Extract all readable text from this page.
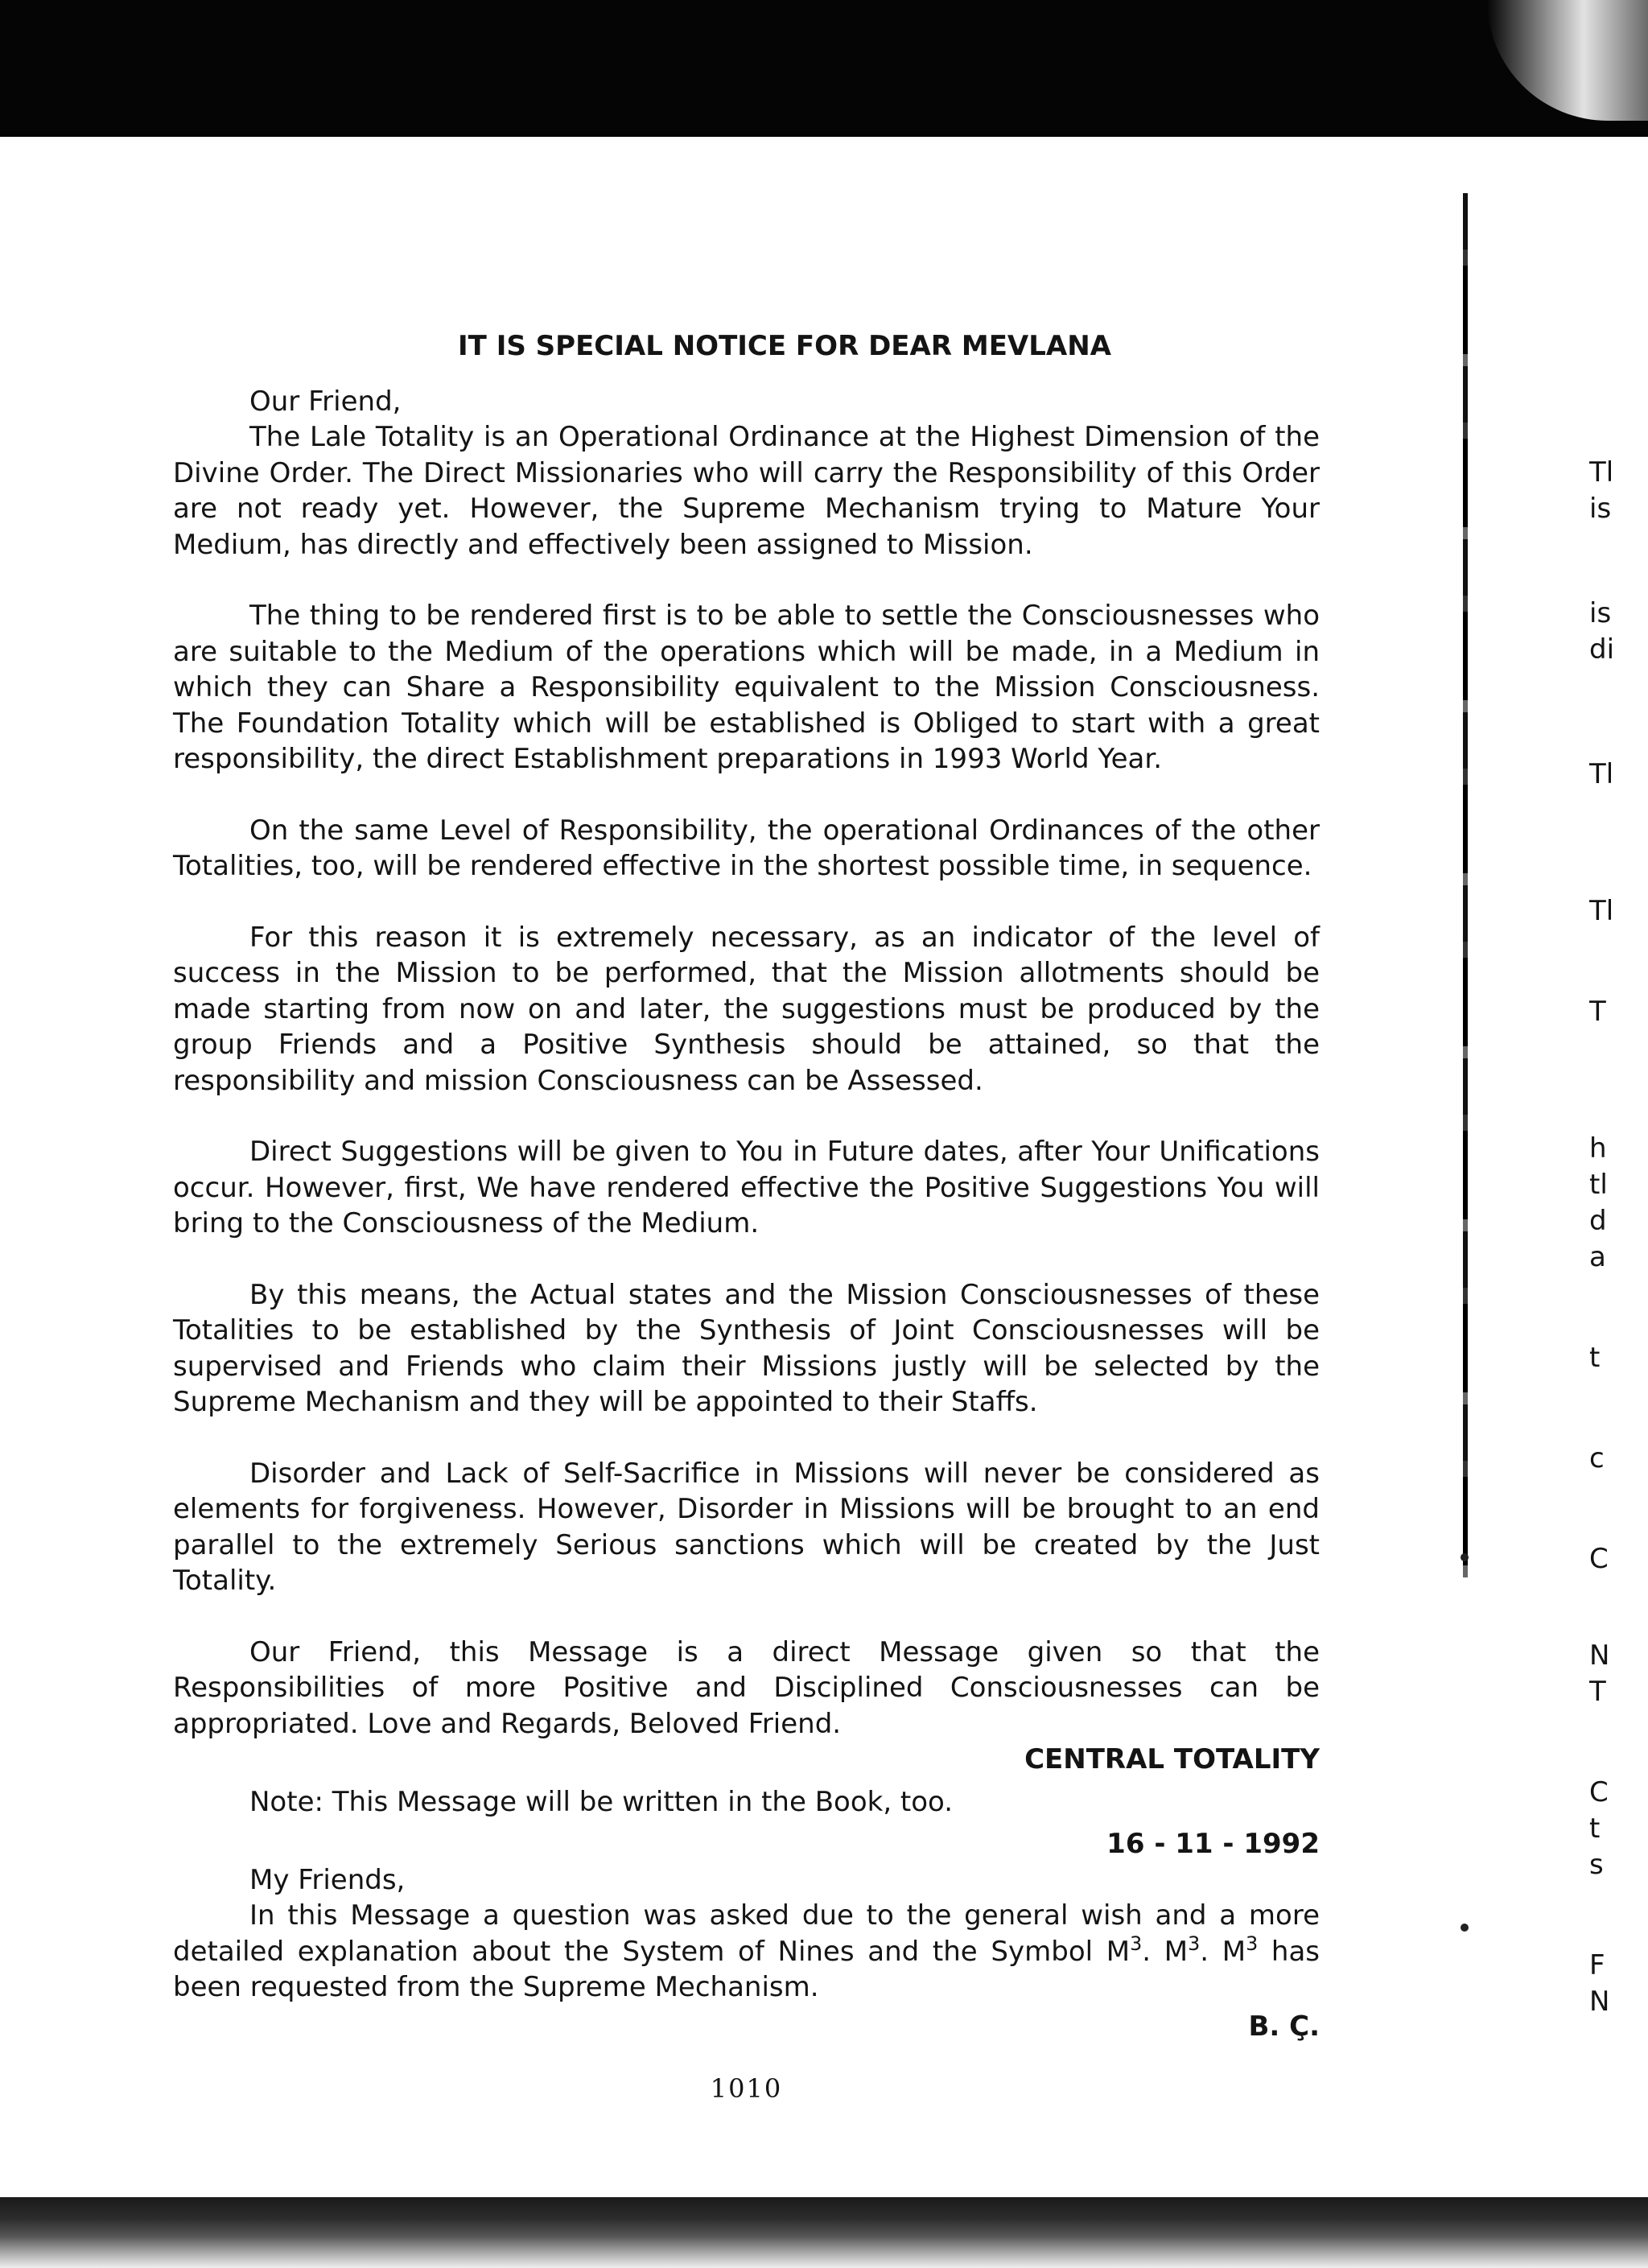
IT IS SPECIAL NOTICE FOR DEAR MEVLANA

Our Friend,

The Lale Totality is an Operational Ordinance at the Highest Dimension of the Divine Order. The Direct Missionaries who will carry the Responsibility of this Order are not ready yet. However, the Supreme Mechanism trying to Mature Your Medium, has directly and effectively been assigned to Mission.

The thing to be rendered first is to be able to settle the Consciousnesses who are suitable to the Medium of the operations which will be made, in a Medium in which they can Share a Responsibility equivalent to the Mission Consciousness. The Foundation Totality which will be established is Obliged to start with a great responsibility, the direct Establishment preparations in 1993 World Year.

On the same Level of Responsibility, the operational Ordinances of the other Totalities, too, will be rendered effective in the shortest possible time, in sequence.

For this reason it is extremely necessary, as an indicator of the level of success in the Mission to be performed, that the Mission allotments should be made starting from now on and later, the suggestions must be produced by the group Friends and a Positive Synthesis should be attained, so that the responsibility and mission Consciousness can be Assessed.

Direct Suggestions will be given to You in Future dates, after Your Unifications occur. However, first, We have rendered effective the Positive Suggestions You will bring to the Consciousness of the Medium.

By this means, the Actual states and the Mission Consciousnesses of these Totalities to be established by the Synthesis of Joint Consciousnesses will be supervised and Friends who claim their Missions justly will be selected by the Supreme Mechanism and they will be appointed to their Staffs.

Disorder and Lack of Self-Sacrifice in Missions will never be considered as elements for forgiveness. However, Disorder in Missions will be brought to an end parallel to the extremely Serious sanctions which will be created by the Just Totality.

Our Friend, this Message is a direct Message given so that the Responsibilities of more Positive and Disciplined Consciousnesses can be appropriated. Love and Regards, Beloved Friend.

CENTRAL TOTALITY

Note: This Message will be written in the Book, too.

16 - 11 - 1992

My Friends,

In this Message a question was asked due to the general wish and a more detailed explanation about the System of Nines and the Symbol $M^3$. $M^3$. $M^3$ has been requested from the Supreme Mechanism.

B. Ç.

1010
Tl
is
is
di
Tl
Tl
T
h
tl
d
a
t
c
C
N
T
C
t
s
F
N
